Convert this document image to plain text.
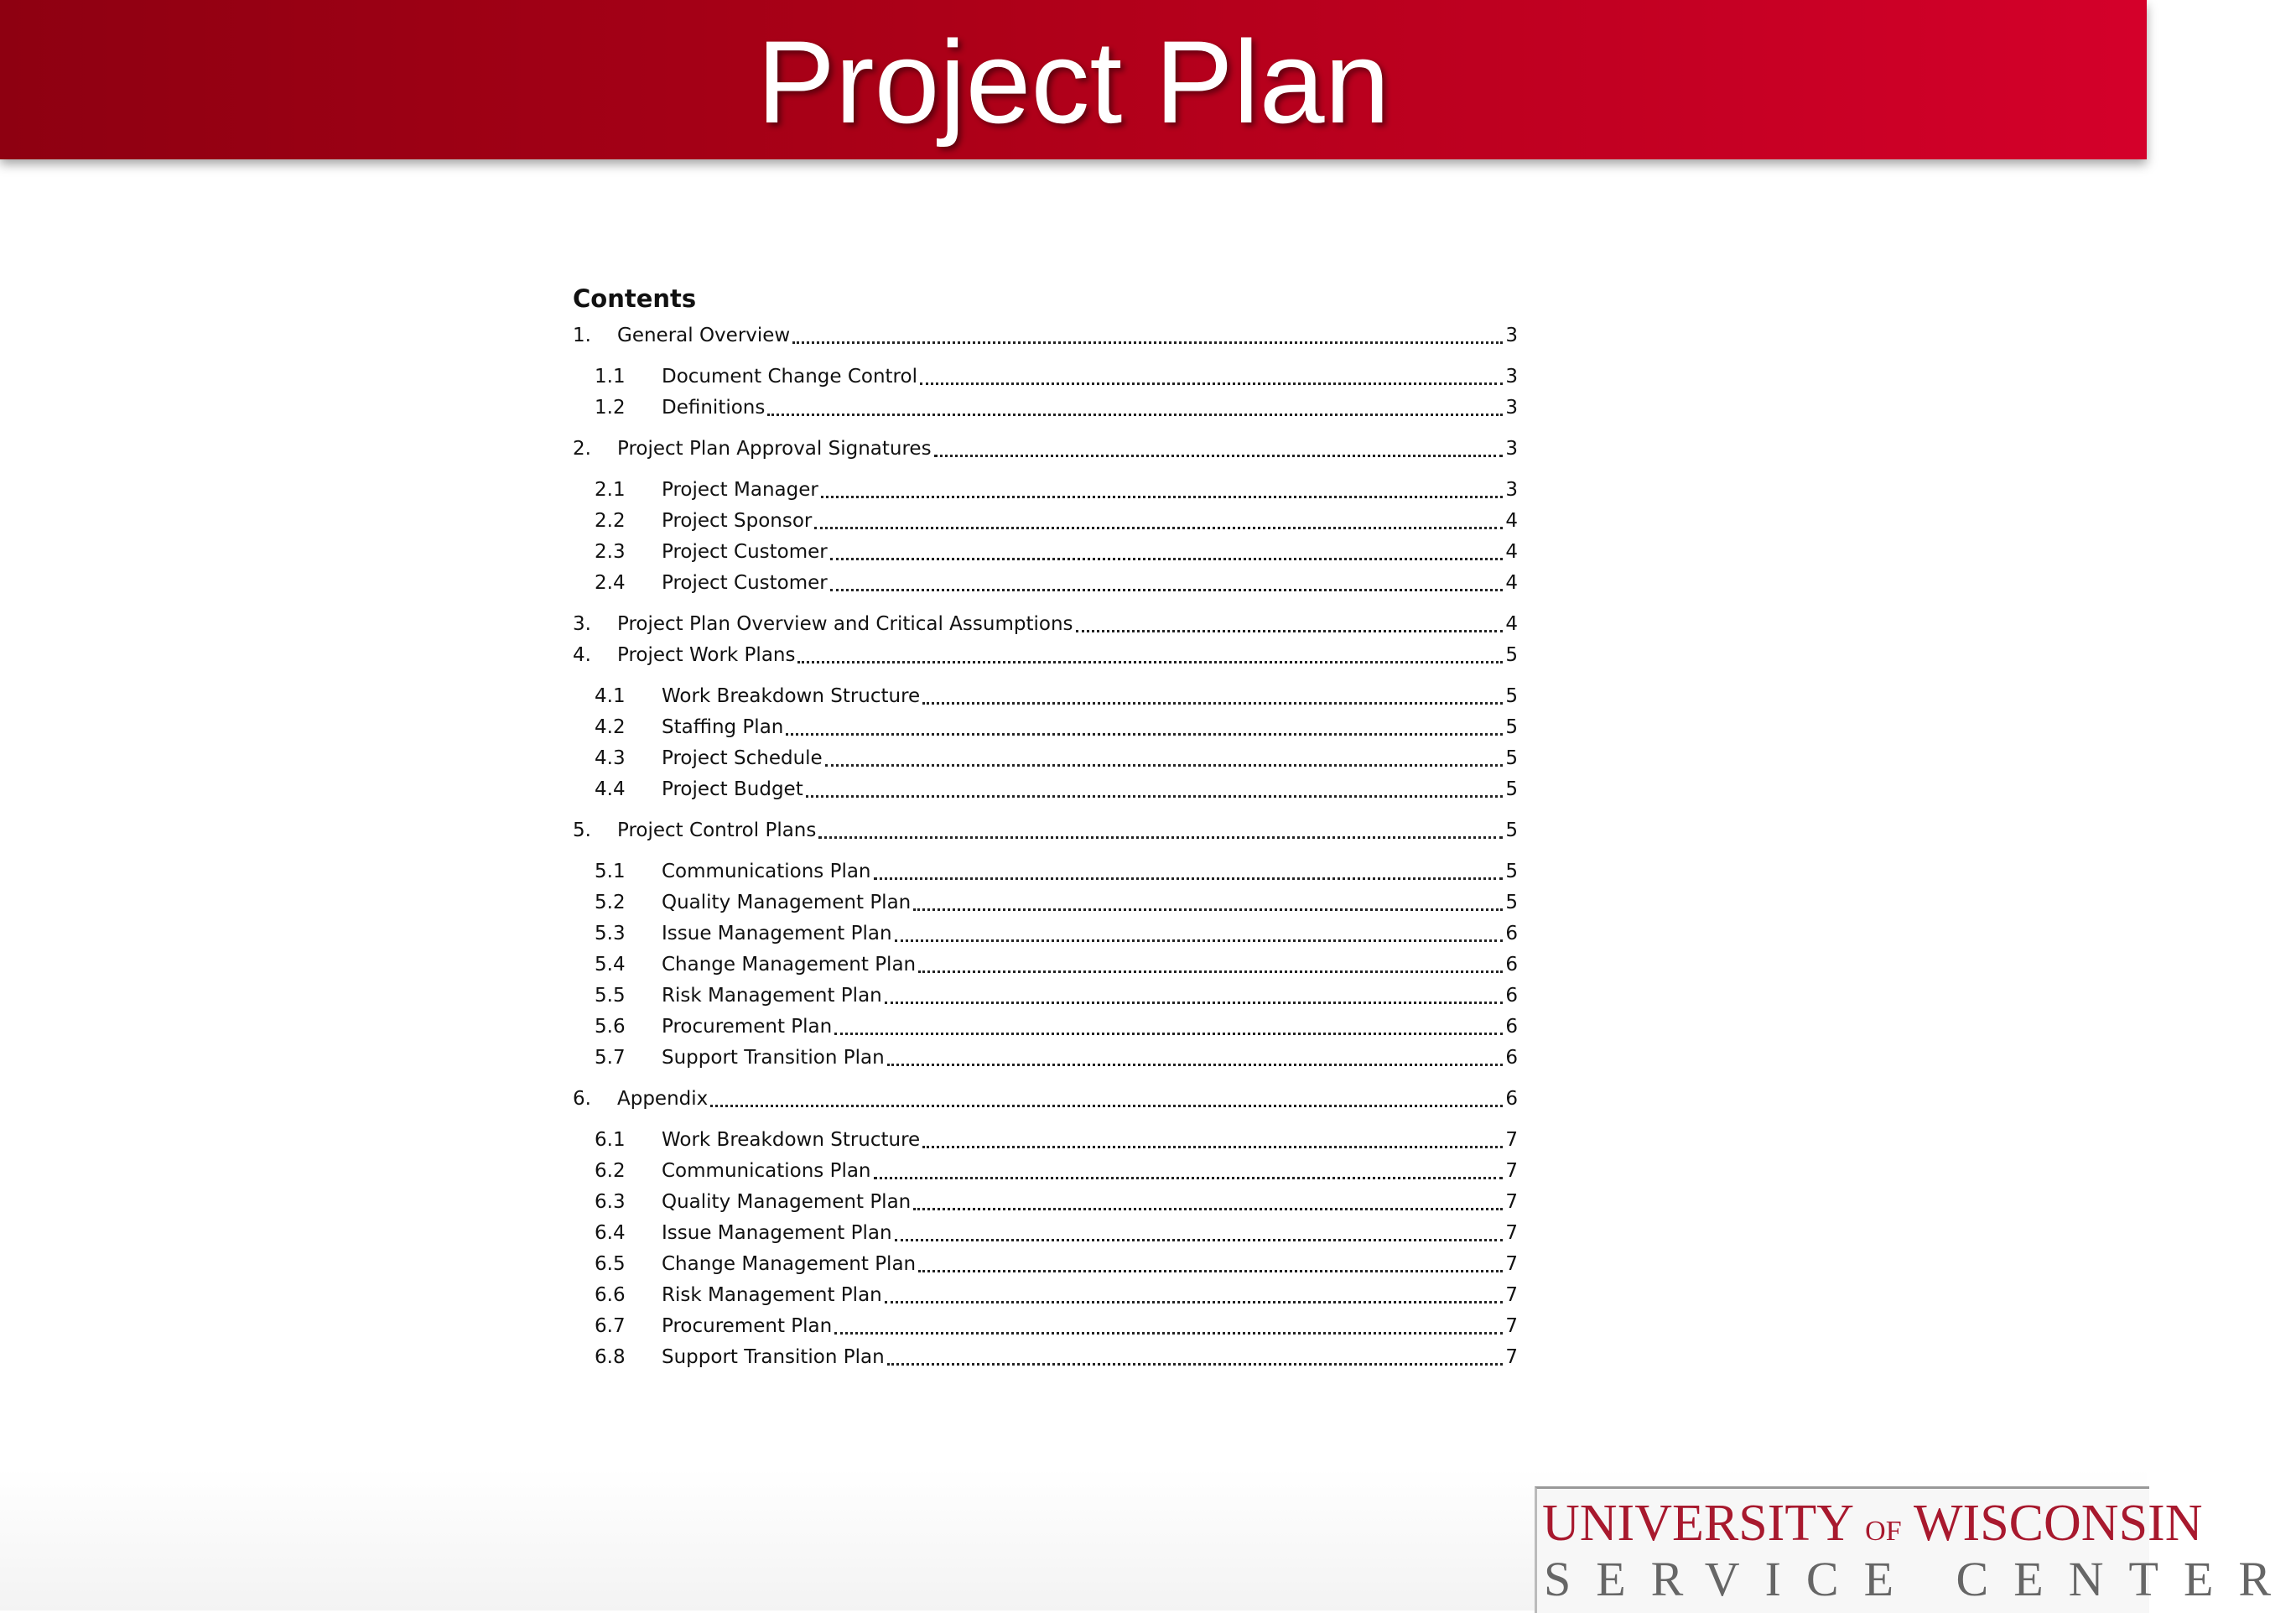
Project Plan
Contents
1.	General Overview	3
1.1	Document Change Control	3
1.2	Definitions	3
2.	Project Plan Approval Signatures	3
2.1	Project Manager	3
2.2	Project Sponsor	4
2.3	Project Customer	4
2.4	Project Customer	4
3.	Project Plan Overview and Critical Assumptions	4
4.	Project Work Plans	5
4.1	Work Breakdown Structure	5
4.2	Staffing Plan	5
4.3	Project Schedule	5
4.4	Project Budget	5
5.	Project Control Plans	5
5.1	Communications Plan	5
5.2	Quality Management Plan	5
5.3	Issue Management Plan	6
5.4	Change Management Plan	6
5.5	Risk Management Plan	6
5.6	Procurement Plan	6
5.7	Support Transition Plan	6
6.	Appendix	6
6.1	Work Breakdown Structure	7
6.2	Communications Plan	7
6.3	Quality Management Plan	7
6.4	Issue Management Plan	7
6.5	Change Management Plan	7
6.6	Risk Management Plan	7
6.7	Procurement Plan	7
6.8	Support Transition Plan	7
UNIVERSITY OF WISCONSIN
SERVICE CENTER
